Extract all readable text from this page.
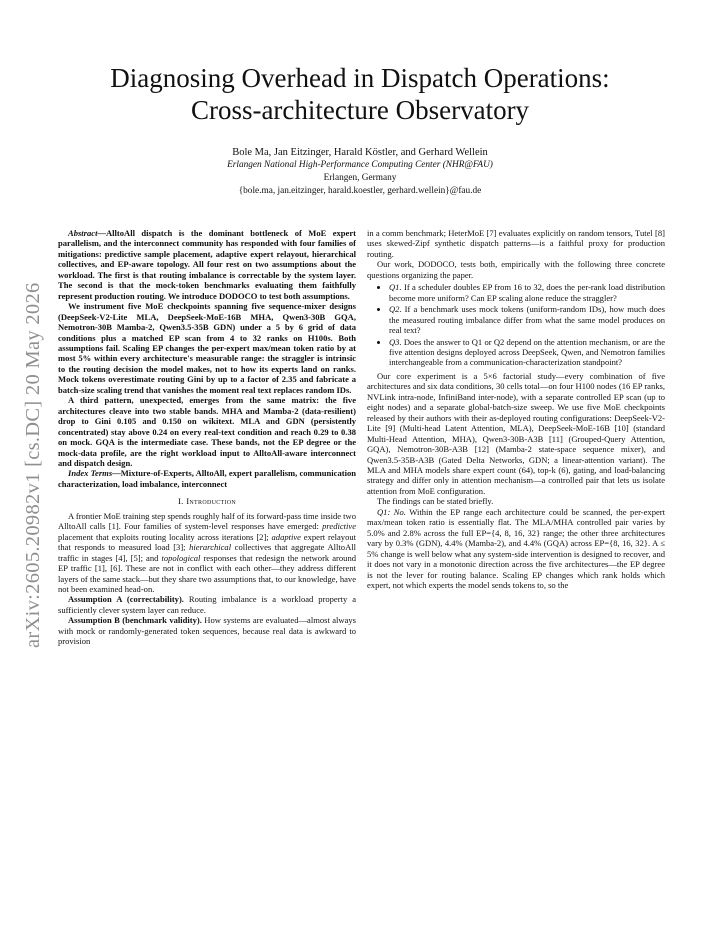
arXiv:2605.20982v1 [cs.DC] 20 May 2026
Diagnosing Overhead in Dispatch Operations:
Cross-architecture Observatory
Bole Ma, Jan Eitzinger, Harald Köstler, and Gerhard Wellein
Erlangen National High-Performance Computing Center (NHR@FAU)
Erlangen, Germany
{bole.ma, jan.eitzinger, harald.koestler, gerhard.wellein}@fau.de

Abstract—AlltoAll dispatch is the dominant bottleneck of MoE expert parallelism, and the interconnect community has responded with four families of mitigations: predictive sample placement, adaptive expert relayout, hierarchical collectives, and EP-aware topology. All four rest on two assumptions about the workload. The first is that routing imbalance is correctable by the system layer. The second is that the mock-token benchmarks evaluating them faithfully represent production routing. We introduce DODOCO to test both assumptions.

We instrument five MoE checkpoints spanning five sequence-mixer designs (DeepSeek-V2-Lite MLA, DeepSeek-MoE-16B MHA, Qwen3-30B GQA, Nemotron-30B Mamba-2, Qwen3.5-35B GDN) under a 5 by 6 grid of data conditions plus a matched EP scan from 4 to 32 ranks on H100s. Both assumptions fail. Scaling EP changes the per-expert max/mean token ratio by at most 5% within every architecture's measurable range: the straggler is intrinsic to the routing decision the model makes, not to how its experts land on ranks. Mock tokens overestimate routing Gini by up to a factor of 2.35 and fabricate a batch-size scaling trend that vanishes the moment real text replaces random IDs.

A third pattern, unexpected, emerges from the same matrix: the five architectures cleave into two stable bands. MHA and Mamba-2 (data-resilient) drop to Gini 0.105 and 0.150 on wikitext. MLA and GDN (persistently concentrated) stay above 0.24 on every real-text condition and reach 0.29 to 0.38 on mock. GQA is the intermediate case. These bands, not the EP degree or the mock-data profile, are the right workload input to AlltoAll-aware interconnect and dispatch design.

Index Terms—Mixture-of-Experts, AlltoAll, expert parallelism, communication characterization, load imbalance, interconnect

I. Introduction

A frontier MoE training step spends roughly half of its forward-pass time inside two AlltoAll calls [1]. Four families of system-level responses have emerged: predictive placement that exploits routing locality across iterations [2]; adaptive expert relayout that responds to measured load [3]; hierarchical collectives that aggregate AlltoAll traffic in stages [4], [5]; and topological responses that redesign the network around EP traffic [1], [6]. These are not in conflict with each other—they address different layers of the same stack—but they share two assumptions that, to our knowledge, have not been examined head-on.

Assumption A (correctability). Routing imbalance is a workload property a sufficiently clever system layer can reduce.

Assumption B (benchmark validity). How systems are evaluated—almost always with mock or randomly-generated token sequences, because real data is awkward to provision

in a comm benchmark; HeterMoE [7] evaluates explicitly on random tensors, Tutel [8] uses skewed-Zipf synthetic dispatch patterns—is a faithful proxy for production routing.

Our work, DODOCO, tests both, empirically with the following three concrete questions organizing the paper.

• Q1. If a scheduler doubles EP from 16 to 32, does the per-rank load distribution become more uniform? Can EP scaling alone reduce the straggler?
• Q2. If a benchmark uses mock tokens (uniform-random IDs), how much does the measured routing imbalance differ from what the same model produces on real text?
• Q3. Does the answer to Q1 or Q2 depend on the attention mechanism, or are the five attention designs deployed across DeepSeek, Qwen, and Nemotron families interchangeable from a communication-characterization standpoint?

Our core experiment is a 5×6 factorial study—every combination of five architectures and six data conditions, 30 cells total—on four H100 nodes (16 EP ranks, NVLink intra-node, InfiniBand inter-node), with a separate controlled EP scan (up to eight nodes) and a separate global-batch-size sweep. We use five MoE checkpoints released by their authors with their as-deployed routing configurations: DeepSeek-V2-Lite [9] (Multi-head Latent Attention, MLA), DeepSeek-MoE-16B [10] (standard Multi-Head Attention, MHA), Qwen3-30B-A3B [11] (Grouped-Query Attention, GQA), Nemotron-30B-A3B [12] (Mamba-2 state-space sequence mixer), and Qwen3.5-35B-A3B (Gated Delta Networks, GDN; a linear-attention variant). The MLA and MHA models share expert count (64), top-k (6), gating, and load-balancing strategy and differ only in attention mechanism—a controlled pair that lets us isolate attention from MoE configuration.

The findings can be stated briefly.

Q1: No. Within the EP range each architecture could be scanned, the per-expert max/mean token ratio is essentially flat. The MLA/MHA controlled pair varies by 5.0% and 2.8% across the full EP={4, 8, 16, 32} range; the other three architectures vary by 0.3% (GDN), 4.4% (Mamba-2), and 4.4% (GQA) across EP={8, 16, 32}. A ≤ 5% change is well below what any system-side intervention is designed to recover, and it does not vary in a monotonic direction across the five architectures—the EP degree is not the lever for routing balance. Scaling EP changes which rank holds which expert, not which experts the model sends tokens to, so the
